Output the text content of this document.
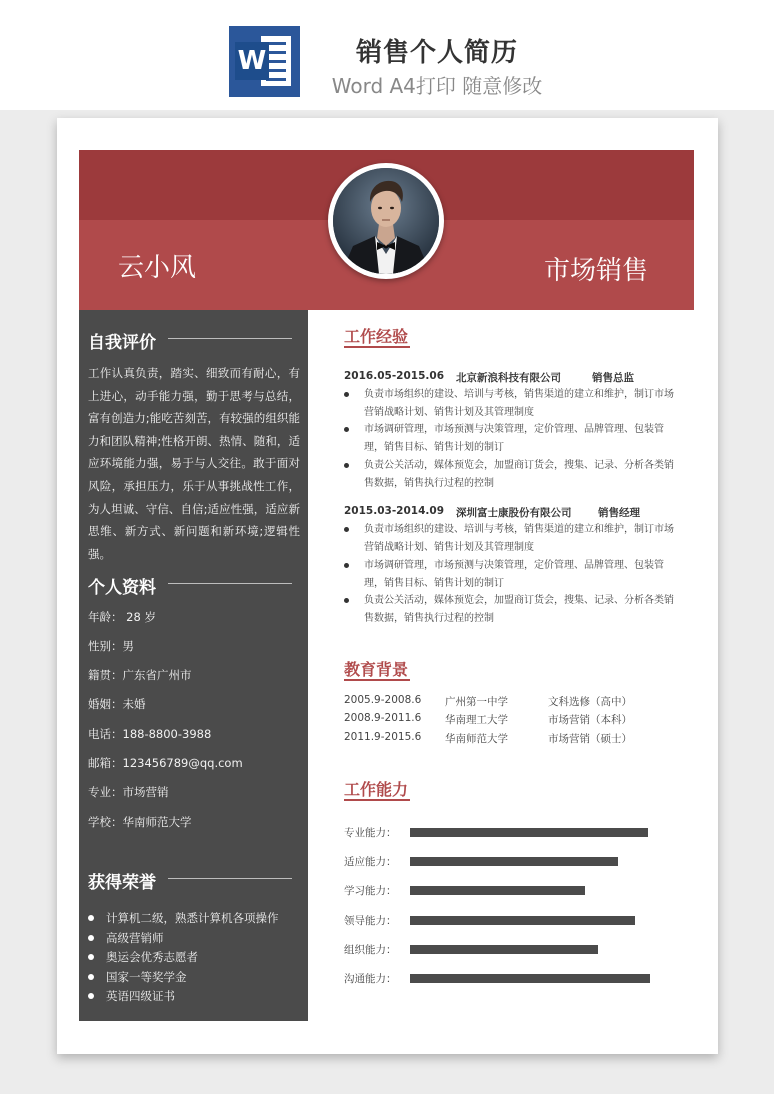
W	销售个人简历
Word A4打印 随意修改
云小风	市场销售
自我评价
工作认真负责，踏实、细致而有耐心，有上进心，动手能力强，勤于思考与总结，富有创造力;能吃苦刻苦，有较强的组织能力和团队精神;性格开朗、热情、随和，适应环境能力强，易于与人交往。敢于面对风险，承担压力，乐于从事挑战性工作，为人坦诚、守信、自信;适应性强，适应新思维、新方式、新问题和新环境;逻辑性强。
个人资料
年龄： 28 岁
性别：男
籍贯：广东省广州市
婚姻：未婚
电话：188-8800-3988
邮箱：123456789@qq.com
专业：市场营销
学校：华南师范大学
获得荣誉
计算机二级，熟悉计算机各项操作
高级营销师
奥运会优秀志愿者
国家一等奖学金
英语四级证书
工作经验
2016.05-2015.06 北京新浪科技有限公司	销售总监
负责市场组织的建设、培训与考核，销售渠道的建立和维护，制订市场营销战略计划、销售计划及其管理制度
市场调研管理，市场预测与决策管理，定价管理、品牌管理、包装管理，销售目标、销售计划的制订
负责公关活动，媒体预览会，加盟商订货会，搜集、记录、分析各类销售数据，销售执行过程的控制
2015.03-2014.09 深圳富士康股份有限公司	销售经理
负责市场组织的建设、培训与考核，销售渠道的建立和维护，制订市场营销战略计划、销售计划及其管理制度
市场调研管理，市场预测与决策管理，定价管理、品牌管理、包装管理，销售目标、销售计划的制订
负责公关活动，媒体预览会，加盟商订货会，搜集、记录、分析各类销售数据，销售执行过程的控制
教育背景
2005.9-2008.6 广州第一中学	文科选修（高中）
2008.9-2011.6 华南理工大学	市场营销（本科）
2011.9-2015.6 华南师范大学	市场营销（硕士）
工作能力
专业能力：
适应能力：
学习能力：
领导能力：
组织能力：
沟通能力：
